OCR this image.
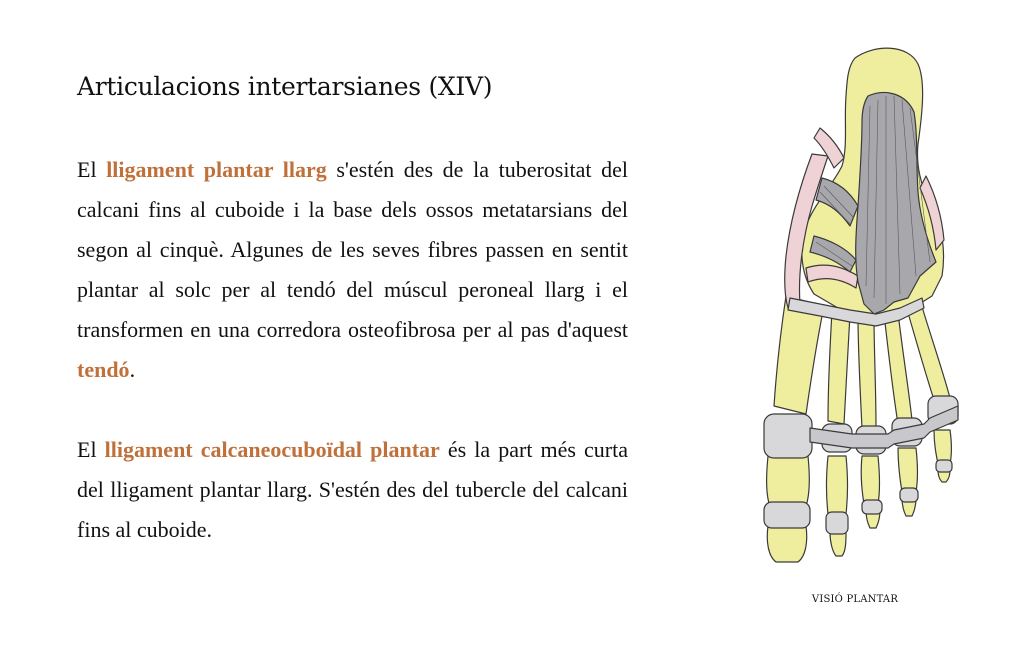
Articulacions intertarsianes (XIV)

El lligament plantar llarg s'estén des de la tuberositat del calcani fins al cuboide i la base dels ossos metatarsians del segon al cinquè. Algunes de les seves fibres passen en sentit plantar al solc per al tendó del múscul peroneal llarg i el transformen en una corredora osteofibrosa per al pas d'aquest tendó.

El lligament calcaneocuboïdal plantar és la part més curta del lligament plantar llarg. S'estén des del tubercle del calcani fins al cuboide.

VISIÓ PLANTAR
